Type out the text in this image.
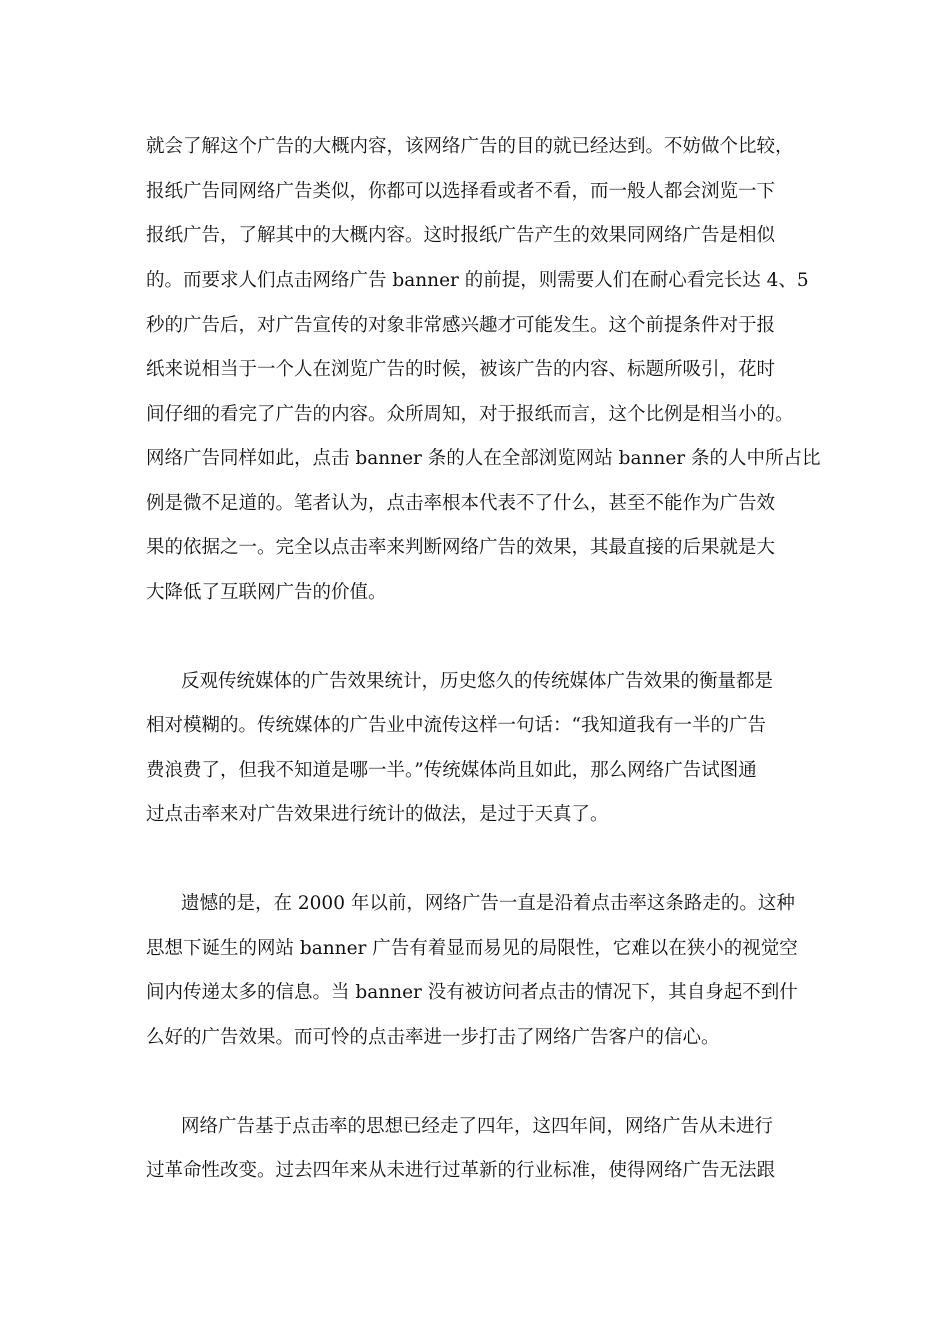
就会了解这个广告的大概内容，该网络广告的目的就已经达到。不妨做个比较，

报纸广告同网络广告类似，你都可以选择看或者不看，而一般人都会浏览一下

报纸广告，了解其中的大概内容。这时报纸广告产生的效果同网络广告是相似

的。而要求人们点击网络广告 banner 的前提，则需要人们在耐心看完长达 4、5

秒的广告后，对广告宣传的对象非常感兴趣才可能发生。这个前提条件对于报

纸来说相当于一个人在浏览广告的时候，被该广告的内容、标题所吸引，花时

间仔细的看完了广告的内容。众所周知，对于报纸而言，这个比例是相当小的。

网络广告同样如此，点击 banner 条的人在全部浏览网站 banner 条的人中所占比

例是微不足道的。笔者认为，点击率根本代表不了什么，甚至不能作为广告效

果的依据之一。完全以点击率来判断网络广告的效果，其最直接的后果就是大

大降低了互联网广告的价值。

反观传统媒体的广告效果统计，历史悠久的传统媒体广告效果的衡量都是

相对模糊的。传统媒体的广告业中流传这样一句话：“我知道我有一半的广告

费浪费了，但我不知道是哪一半。”传统媒体尚且如此，那么网络广告试图通

过点击率来对广告效果进行统计的做法，是过于天真了。

遗憾的是，在 2000 年以前，网络广告一直是沿着点击率这条路走的。这种

思想下诞生的网站 banner 广告有着显而易见的局限性，它难以在狭小的视觉空

间内传递太多的信息。当 banner 没有被访问者点击的情况下，其自身起不到什

么好的广告效果。而可怜的点击率进一步打击了网络广告客户的信心。

网络广告基于点击率的思想已经走了四年，这四年间，网络广告从未进行

过革命性改变。过去四年来从未进行过革新的行业标准，使得网络广告无法跟
